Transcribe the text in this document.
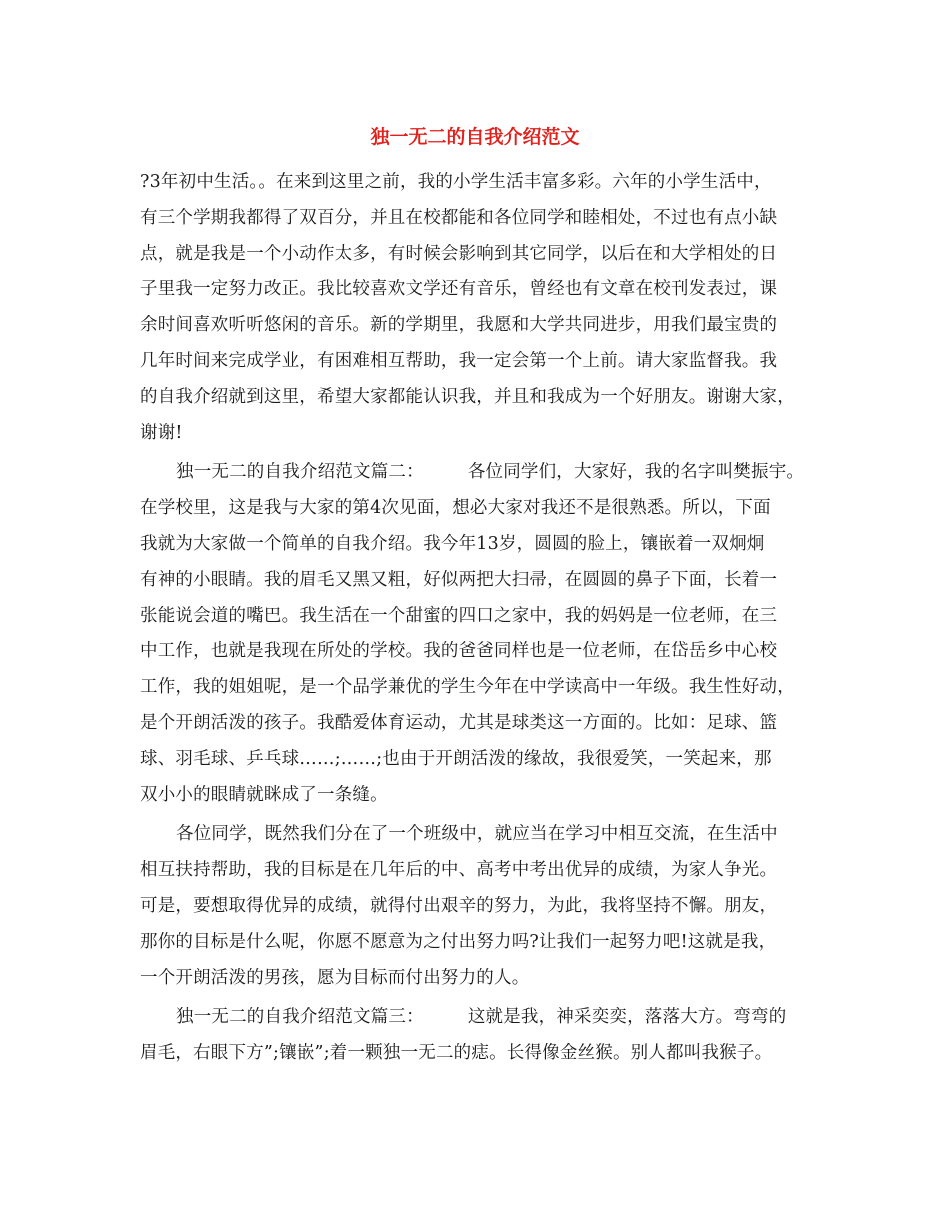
独一无二的自我介绍范文
?3年初中生活。。在来到这里之前，我的小学生活丰富多彩。六年的小学生活中，
有三个学期我都得了双百分，并且在校都能和各位同学和睦相处，不过也有点小缺
点，就是我是一个小动作太多，有时候会影响到其它同学，以后在和大学相处的日
子里我一定努力改正。我比较喜欢文学还有音乐，曾经也有文章在校刊发表过，课
余时间喜欢听听悠闲的音乐。新的学期里，我愿和大学共同进步，用我们最宝贵的
几年时间来完成学业，有困难相互帮助，我一定会第一个上前。请大家监督我。我
的自我介绍就到这里，希望大家都能认识我，并且和我成为一个好朋友。谢谢大家，
谢谢!
独一无二的自我介绍范文篇二：	各位同学们，大家好，我的名字叫樊振宇。
在学校里，这是我与大家的第4次见面，想必大家对我还不是很熟悉。所以，下面
我就为大家做一个简单的自我介绍。我今年13岁，圆圆的脸上，镶嵌着一双炯炯
有神的小眼睛。我的眉毛又黑又粗，好似两把大扫帚，在圆圆的鼻子下面，长着一
张能说会道的嘴巴。我生活在一个甜蜜的四口之家中，我的妈妈是一位老师，在三
中工作，也就是我现在所处的学校。我的爸爸同样也是一位老师，在岱岳乡中心校
工作，我的姐姐呢，是一个品学兼优的学生今年在中学读高中一年级。我生性好动，
是个开朗活泼的孩子。我酷爱体育运动，尤其是球类这一方面的。比如：足球、篮
球、羽毛球、乒乓球……;……;也由于开朗活泼的缘故，我很爱笑，一笑起来，那
双小小的眼睛就眯成了一条缝。
各位同学，既然我们分在了一个班级中，就应当在学习中相互交流，在生活中
相互扶持帮助，我的目标是在几年后的中、高考中考出优异的成绩，为家人争光。
可是，要想取得优异的成绩，就得付出艰辛的努力，为此，我将坚持不懈。朋友，
那你的目标是什么呢，你愿不愿意为之付出努力吗?让我们一起努力吧!这就是我，
一个开朗活泼的男孩，愿为目标而付出努力的人。
独一无二的自我介绍范文篇三：	这就是我，神采奕奕，落落大方。弯弯的
眉毛，右眼下方”;镶嵌”;着一颗独一无二的痣。长得像金丝猴。别人都叫我猴子。
